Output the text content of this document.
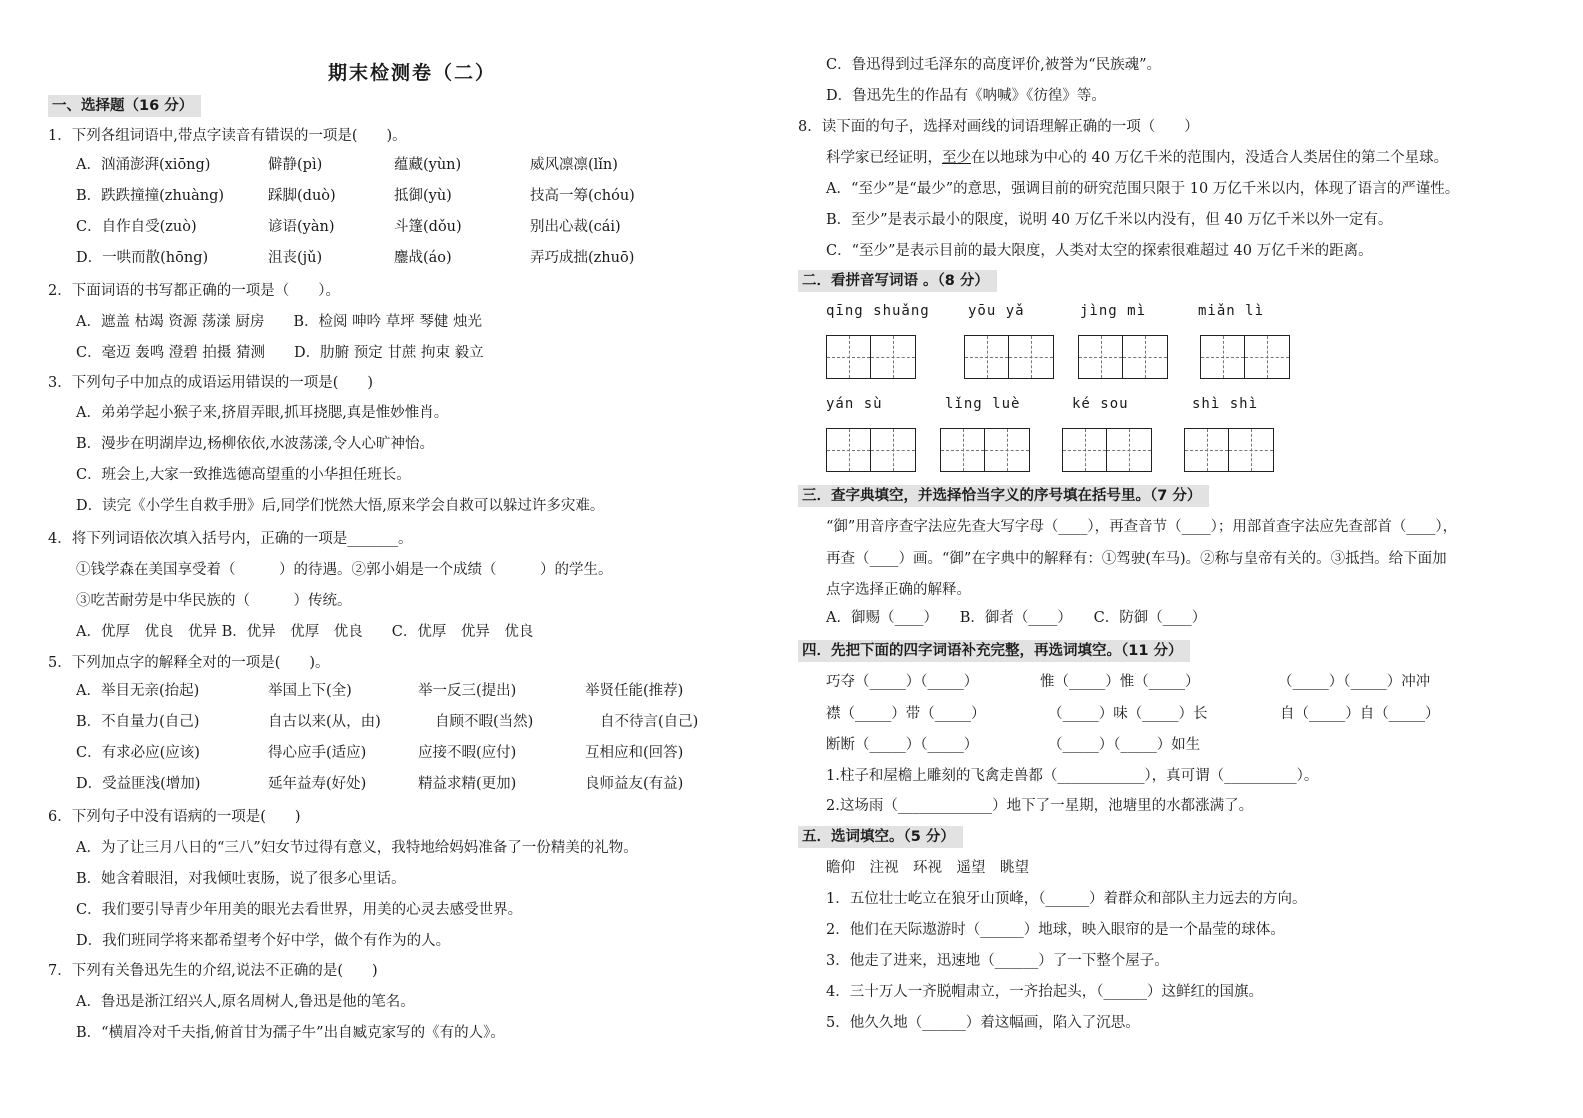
期末检测卷（二）
一、选择题（16 分）
1．下列各组词语中,带点字读音有错误的一项是(　　)。
A．汹涌澎湃(xiōng)	僻静(pì)	蕴藏(yùn)	威风凛凛(lǐn)
B．跌跌撞撞(zhuàng)	踩脚(duò)	抵御(yù)	技高一筹(chóu)
C．自作自受(zuò)	谚语(yàn)	斗篷(dǒu)	别出心裁(cái)
D．一哄而散(hōng)	沮丧(jǔ)	鏖战(áo)	弄巧成拙(zhuō)
2．下面词语的书写都正确的一项是（　　）。
A．遮盖 枯竭 资源 荡漾 厨房　　B．检阅 呻吟 草坪 琴健 烛光
C．毫迈 轰鸣 澄碧 拍摄 猜测　　D．肋腑 预定 甘蔗 拘束 毅立
3．下列句子中加点的成语运用错误的一项是(　　)
A．弟弟学起小猴子来,挤眉弄眼,抓耳挠腮,真是惟妙惟肖。
B．漫步在明湖岸边,杨柳依依,水波荡漾,令人心旷神怡。
C．班会上,大家一致推选德高望重的小华担任班长。
D．读完《小学生自救手册》后,同学们恍然大悟,原来学会自救可以躲过许多灾难。
4．将下列词语依次填入括号内，正确的一项是_______。
①钱学森在美国享受着（　　　）的待遇。②郭小娟是一个成绩（　　　）的学生。
③吃苦耐劳是中华民族的（　　　）传统。
A．优厚　优良　优异 B．优异　优厚　优良　　C．优厚　优异　优良
5．下列加点字的解释全对的一项是(　　)。
A．举目无亲(抬起)	举国上下(全)	举一反三(提出)	举贤任能(推荐)
B．不自量力(自己)	自古以来(从，由)	自顾不暇(当然)	自不待言(自己)
C．有求必应(应该)	得心应手(适应)	应接不暇(应付)	互相应和(回答)
D．受益匪浅(增加)	延年益寿(好处)	精益求精(更加)	良师益友(有益)
6．下列句子中没有语病的一项是(　　)
A．为了让三月八日的“三八”妇女节过得有意义，我特地给妈妈准备了一份精美的礼物。
B．她含着眼泪，对我倾吐衷肠，说了很多心里话。
C．我们要引导青少年用美的眼光去看世界，用美的心灵去感受世界。
D．我们班同学将来都希望考个好中学，做个有作为的人。
7．下列有关鲁迅先生的介绍,说法不正确的是(　　)
A．鲁迅是浙江绍兴人,原名周树人,鲁迅是他的笔名。
B．“横眉冷对千夫指,俯首甘为孺子牛”出自臧克家写的《有的人》。
C．鲁迅得到过毛泽东的高度评价,被誉为“民族魂”。
D．鲁迅先生的作品有《呐喊》《彷徨》等。
8．读下面的句子，选择对画线的词语理解正确的一项（　　）
科学家已经证明，至少在以地球为中心的 40 万亿千米的范围内，没适合人类居住的第二个星球。
A．“至少”是“最少”的意思，强调目前的研究范围只限于 10 万亿千米以内，体现了语言的严谨性。
B．至少”是表示最小的限度，说明 40 万亿千米以内没有，但 40 万亿千米以外一定有。
C．“至少”是表示目前的最大限度，人类对太空的探索很难超过 40 万亿千米的距离。
二．看拼音写词语 。（8 分）
qīng shuǎng	yōu yǎ	jìng mì	miǎn lì
yán sù	lǐng luè	ké sou	shì shì
三．查字典填空，并选择恰当字义的序号填在括号里。（7 分）
“御”用音序查字法应先查大写字母（____），再查音节（____）；用部首查字法应先查部首（____），
再查（____）画。“御”在字典中的解释有：①驾驶(车马)。②称与皇帝有关的。③抵挡。给下面加
点字选择正确的解释。
A．御赐（____）　　B．御者（____）　　C．防御（____）
四．先把下面的四字词语补充完整，再选词填空。（11 分）
巧夺（_____）（_____）	惟（_____）惟（_____）	（_____）（_____）冲冲
襟（_____）带（_____）	（_____）味（_____）长	自（_____）自（_____）
断断（_____）（_____）	（_____）（_____）如生
1.柱子和屋檐上雕刻的飞禽走兽都（____________），真可谓（__________）。
2.这场雨（_____________）地下了一星期，池塘里的水都涨满了。
五．选词填空。（5 分）
瞻仰　注视　环视　遥望　眺望
1．五位壮士屹立在狼牙山顶峰，（______）着群众和部队主力远去的方向。
2．他们在天际遨游时（______）地球，映入眼帘的是一个晶莹的球体。
3．他走了进来，迅速地（______）了一下整个屋子。
4．三十万人一齐脱帽肃立，一齐抬起头，（______）这鲜红的国旗。
5．他久久地（______）着这幅画，陷入了沉思。
